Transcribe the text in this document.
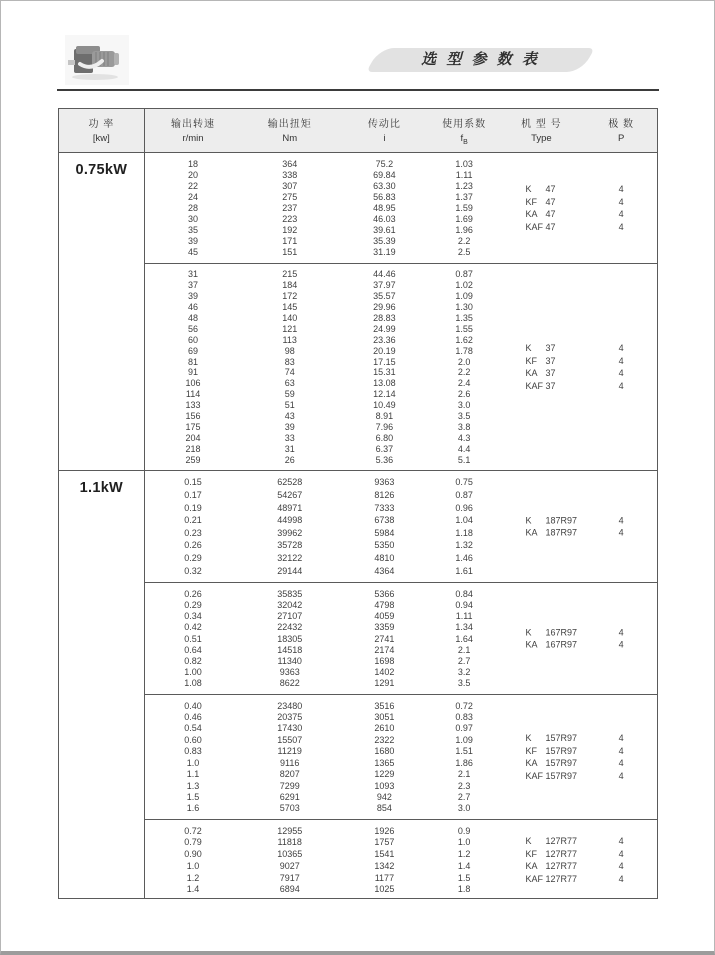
选 型 参 数 表
功 率
[kw]
输出转速
r/min
输出扭矩
Nm
传动比
i
使用系数
$f_B$
机 型 号
Type
极 数
P
0.75kW	18	364	75.2	1.03
20	338	69.84	1.11
22	307	63.30	1.23
24	275	56.83	1.37
28	237	48.95	1.59
30	223	46.03	1.69
35	192	39.61	1.96
39	171	35.39	2.2
45	151	31.19	2.5
K 47	4
KF 47	4
KA 47	4
KAF 47	4
31	215	44.46	0.87
37	184	37.97	1.02
39	172	35.57	1.09
46	145	29.96	1.30
48	140	28.83	1.35
56	121	24.99	1.55
60	113	23.36	1.62
69	98	20.19	1.78
81	83	17.15	2.0
91	74	15.31	2.2
106	63	13.08	2.4
114	59	12.14	2.6
133	51	10.49	3.0
156	43	8.91	3.5
175	39	7.96	3.8
204	33	6.80	4.3
218	31	6.37	4.4
259	26	5.36	5.1
K 37	4
KF 37	4
KA 37	4
KAF 37	4
1.1kW	0.15	62528	9363	0.75
0.17	54267	8126	0.87
0.19	48971	7333	0.96
0.21	44998	6738	1.04
0.23	39962	5984	1.18
0.26	35728	5350	1.32
0.29	32122	4810	1.46
0.32	29144	4364	1.61
K 187R97	4
KA 187R97	4
0.26	35835	5366	0.84
0.29	32042	4798	0.94
0.34	27107	4059	1.11
0.42	22432	3359	1.34
0.51	18305	2741	1.64
0.64	14518	2174	2.1
0.82	11340	1698	2.7
1.00	9363	1402	3.2
1.08	8622	1291	3.5
K 167R97	4
KA 167R97	4
0.40	23480	3516	0.72
0.46	20375	3051	0.83
0.54	17430	2610	0.97
0.60	15507	2322	1.09
0.83	11219	1680	1.51
1.0	9116	1365	1.86
1.1	8207	1229	2.1
1.3	7299	1093	2.3
1.5	6291	942	2.7
1.6	5703	854	3.0
K 157R97	4
KF 157R97	4
KA 157R97	4
KAF 157R97	4
0.72	12955	1926	0.9
0.79	11818	1757	1.0
0.90	10365	1541	1.2
1.0	9027	1342	1.4
1.2	7917	1177	1.5
1.4	6894	1025	1.8
K 127R77	4
KF 127R77	4
KA 127R77	4
KAF 127R77	4
